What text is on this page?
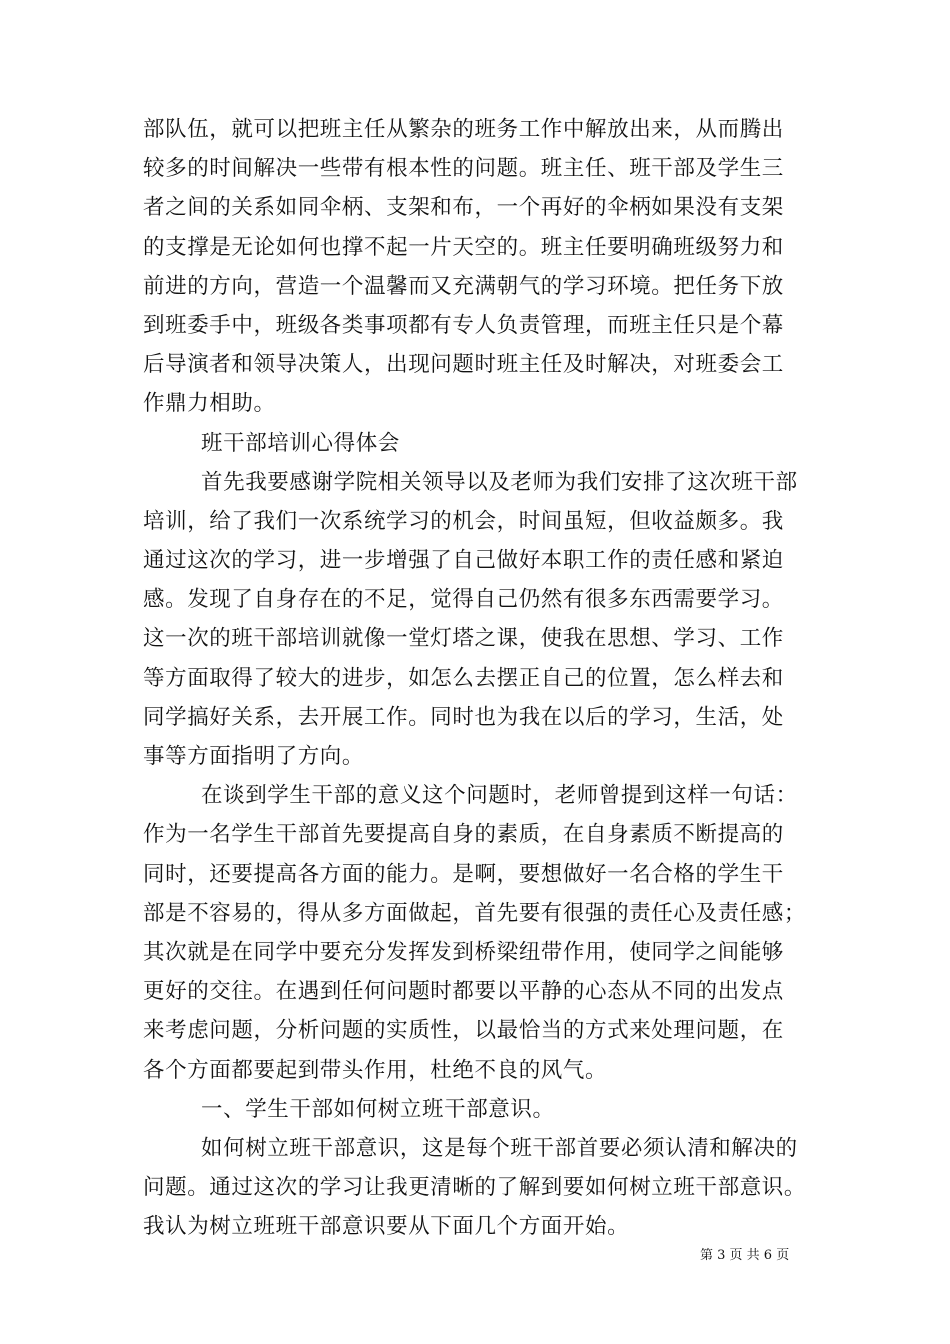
部队伍，就可以把班主任从繁杂的班务工作中解放出来，从而腾出
较多的时间解决一些带有根本性的问题。班主任、班干部及学生三
者之间的关系如同伞柄、支架和布，一个再好的伞柄如果没有支架
的支撑是无论如何也撑不起一片天空的。班主任要明确班级努力和
前进的方向，营造一个温馨而又充满朝气的学习环境。把任务下放
到班委手中，班级各类事项都有专人负责管理，而班主任只是个幕
后导演者和领导决策人，出现问题时班主任及时解决，对班委会工
作鼎力相助。
班干部培训心得体会
首先我要感谢学院相关领导以及老师为我们安排了这次班干部
培训，给了我们一次系统学习的机会，时间虽短，但收益颇多。我
通过这次的学习，进一步增强了自己做好本职工作的责任感和紧迫
感。发现了自身存在的不足，觉得自己仍然有很多东西需要学习。
这一次的班干部培训就像一堂灯塔之课，使我在思想、学习、工作
等方面取得了较大的进步，如怎么去摆正自己的位置，怎么样去和
同学搞好关系，去开展工作。同时也为我在以后的学习，生活，处
事等方面指明了方向。
在谈到学生干部的意义这个问题时，老师曾提到这样一句话：
作为一名学生干部首先要提高自身的素质，在自身素质不断提高的
同时，还要提高各方面的能力。是啊，要想做好一名合格的学生干
部是不容易的，得从多方面做起，首先要有很强的责任心及责任感；
其次就是在同学中要充分发挥发到桥梁纽带作用，使同学之间能够
更好的交往。在遇到任何问题时都要以平静的心态从不同的出发点
来考虑问题，分析问题的实质性，以最恰当的方式来处理问题，在
各个方面都要起到带头作用，杜绝不良的风气。
一、学生干部如何树立班干部意识。
如何树立班干部意识，这是每个班干部首要必须认清和解决的
问题。通过这次的学习让我更清晰的了解到要如何树立班干部意识。
我认为树立班班干部意识要从下面几个方面开始。
第 3 页 共 6 页
